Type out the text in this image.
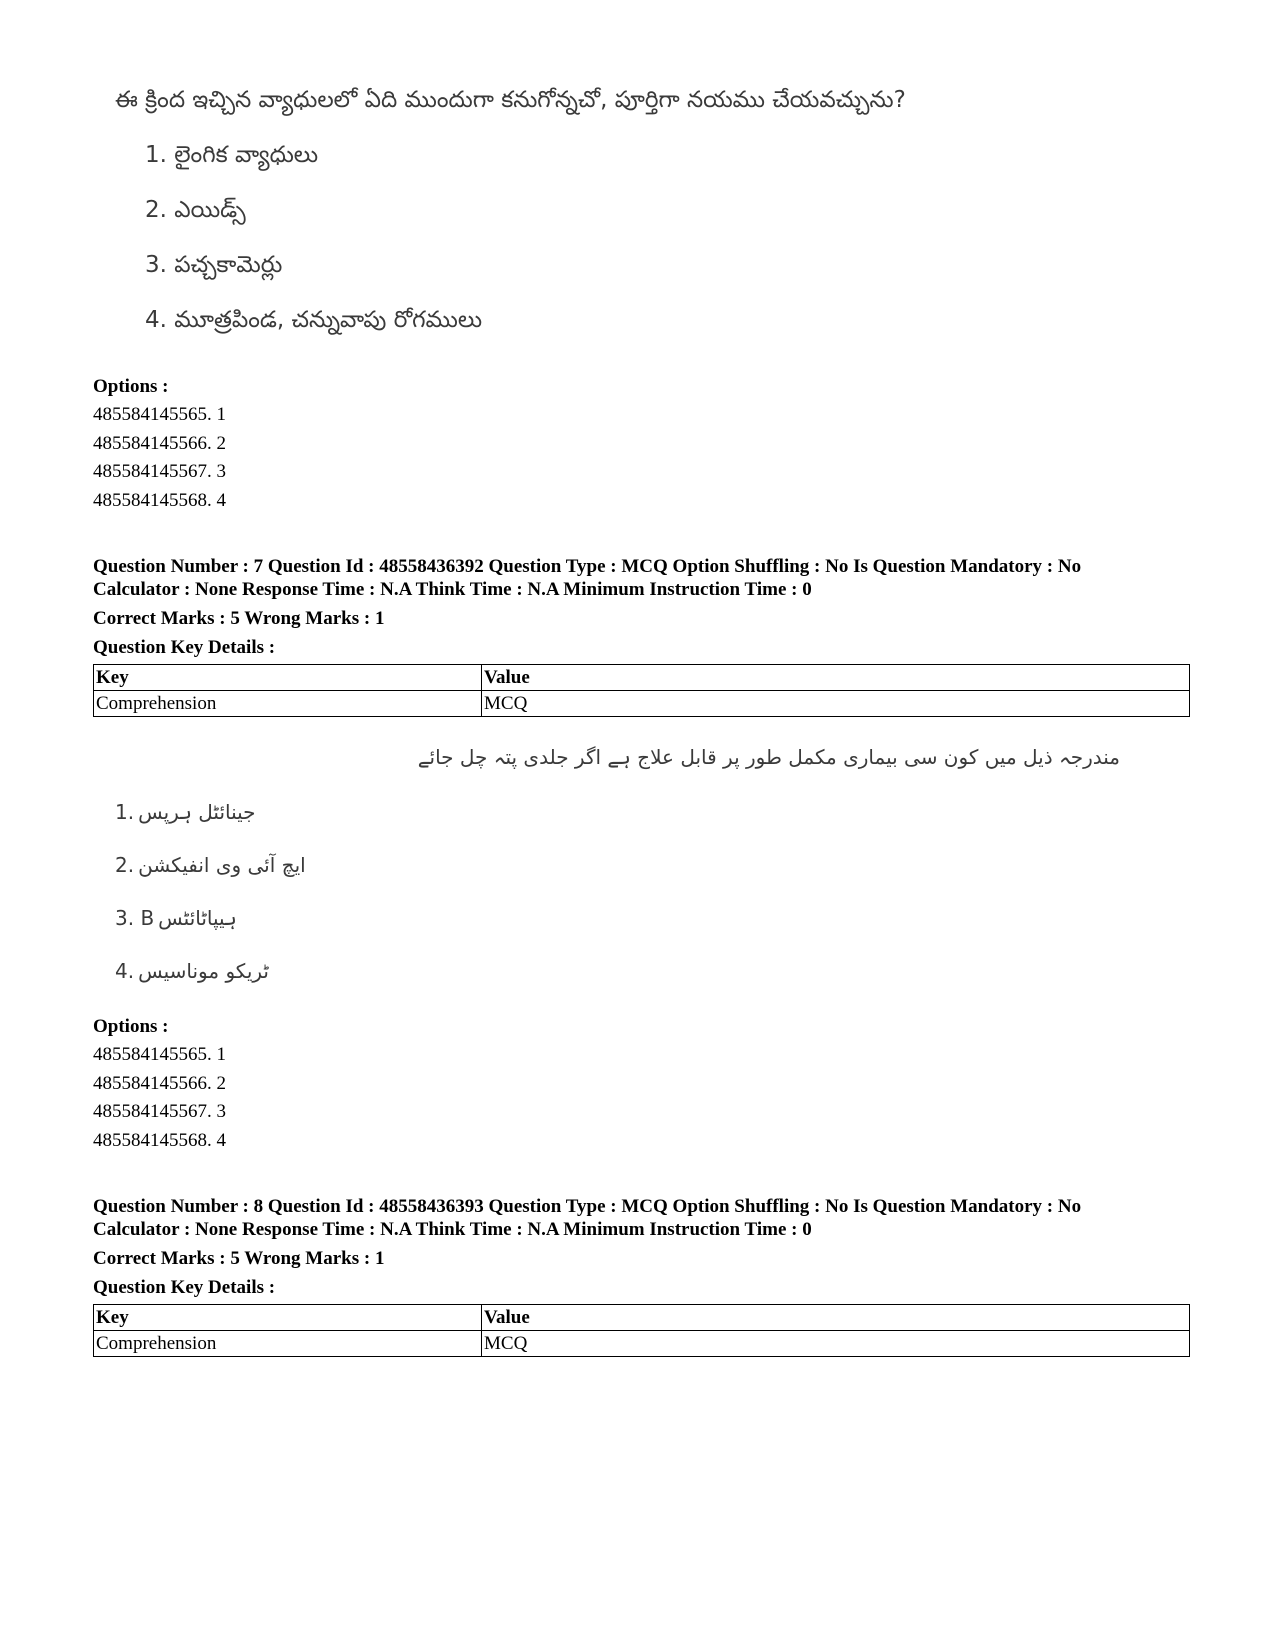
ఈ క్రింద ఇచ్చిన వ్యాధులలో ఏది ముందుగా కనుగోన్నచో, పూర్తిగా నయము చేయవచ్చును?
1. లైంగిక వ్యాధులు
2. ఎయిడ్స్
3. పచ్చకామెర్లు
4. మూత్రపిండ, చన్నువాపు రోగములు
Options :
485584145565. 1
485584145566. 2
485584145567. 3
485584145568. 4
Question Number : 7 Question Id : 48558436392 Question Type : MCQ Option Shuffling : No Is Question Mandatory : No
Calculator : None Response Time : N.A Think Time : N.A Minimum Instruction Time : 0
Correct Marks : 5 Wrong Marks : 1
Question Key Details :
Key	Value
Comprehension	MCQ
مندرجہ ذیل میں کون سی بیماری مکمل طور پر قابل علاج ہے اگر جلدی پتہ چل جائے
1. جینائٹل ہرپس
2. ایچ آئی وی انفیکشن
3. B ہیپاٹائٹس
4. ٹریکو موناسیس
Options :
485584145565. 1
485584145566. 2
485584145567. 3
485584145568. 4
Question Number : 8 Question Id : 48558436393 Question Type : MCQ Option Shuffling : No Is Question Mandatory : No
Calculator : None Response Time : N.A Think Time : N.A Minimum Instruction Time : 0
Correct Marks : 5 Wrong Marks : 1
Question Key Details :
Key	Value
Comprehension	MCQ
